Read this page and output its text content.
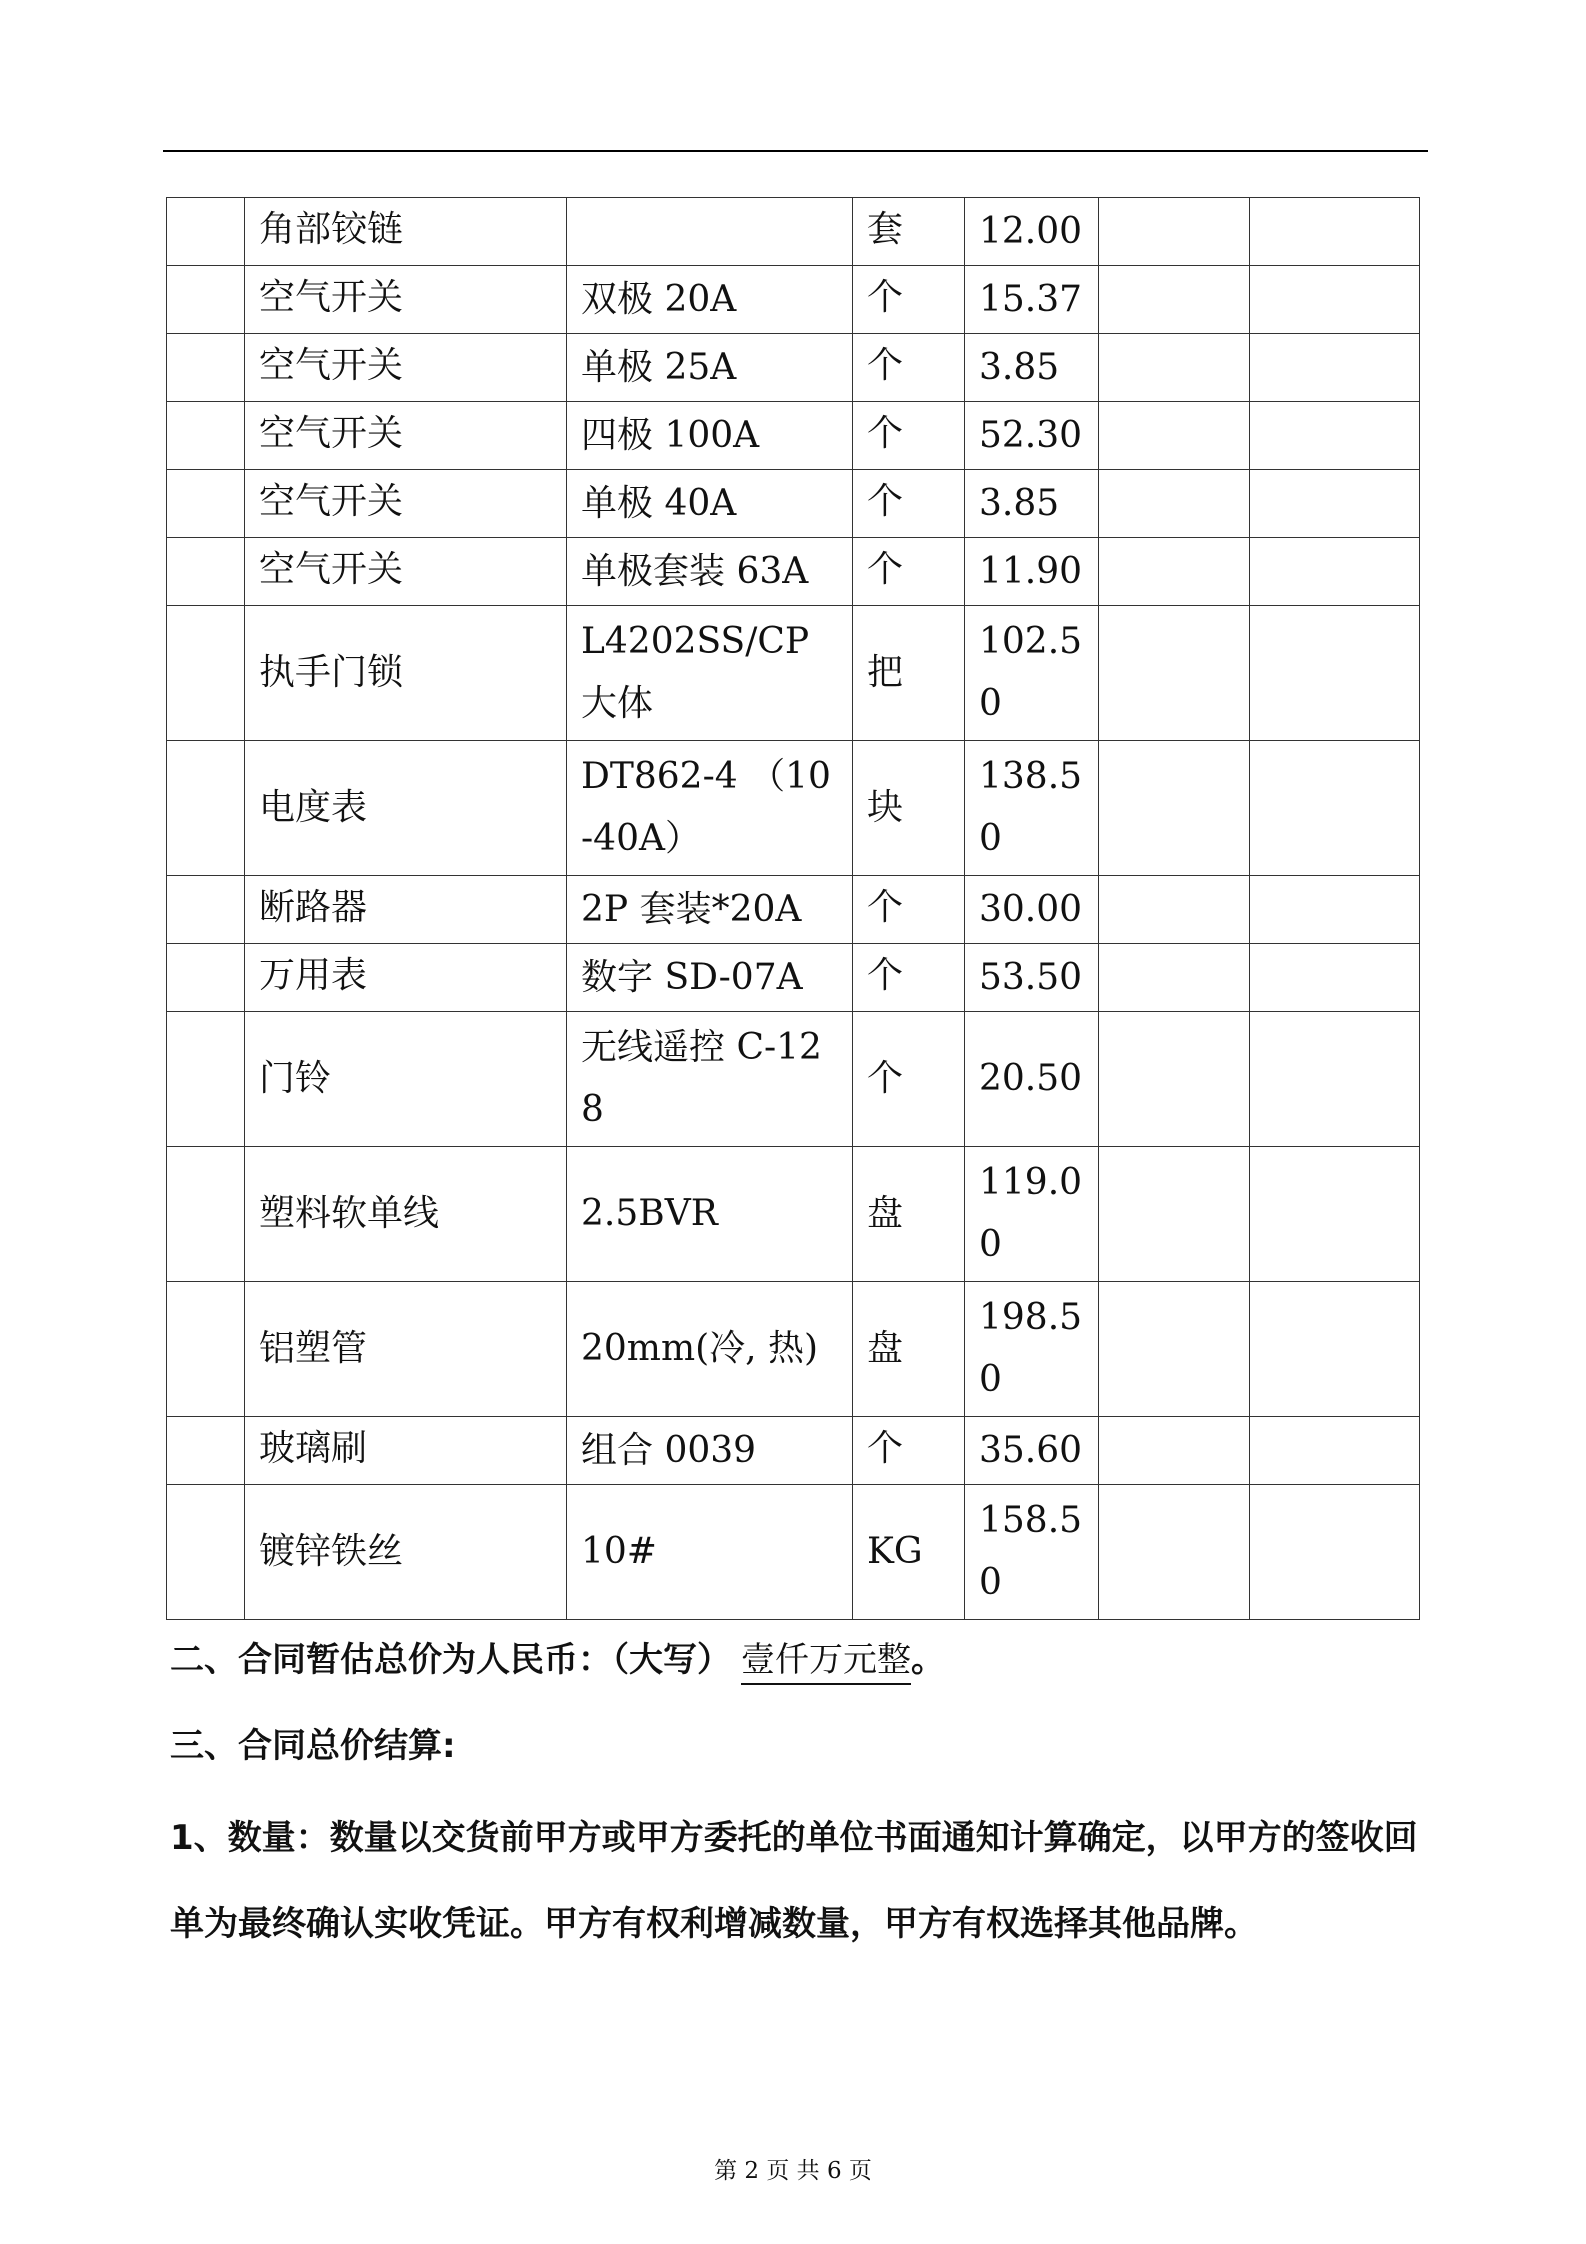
	角部铰链		套	12.00		
	空气开关	双极 20A	个	15.37		
	空气开关	单极 25A	个	3.85		
	空气开关	四极 100A	个	52.30		
	空气开关	单极 40A	个	3.85		
	空气开关	单极套装 63A	个	11.90		
	执手门锁	L4202SS/CP大体	把	102.50		
	电度表	DT862-4 （10-40A）	块	138.50		
	断路器	2P 套装*20A	个	30.00		
	万用表	数字 SD-07A	个	53.50		
	门铃	无线遥控 C-128	个	20.50		
	塑料软单线	2.5BVR	盘	119.00		
	铝塑管	20mm(冷, 热)	盘	198.50		
	玻璃刷	组合 0039	个	35.60		
	镀锌铁丝	10#	KG	158.50		
二、合同暂估总价为人民币：（大写） 壹仟万元整。
三、合同总价结算:
1、数量：数量以交货前甲方或甲方委托的单位书面通知计算确定，以甲方的签收回单为最终确认实收凭证。甲方有权利增减数量，甲方有权选择其他品牌。
第 2 页 共 6 页
